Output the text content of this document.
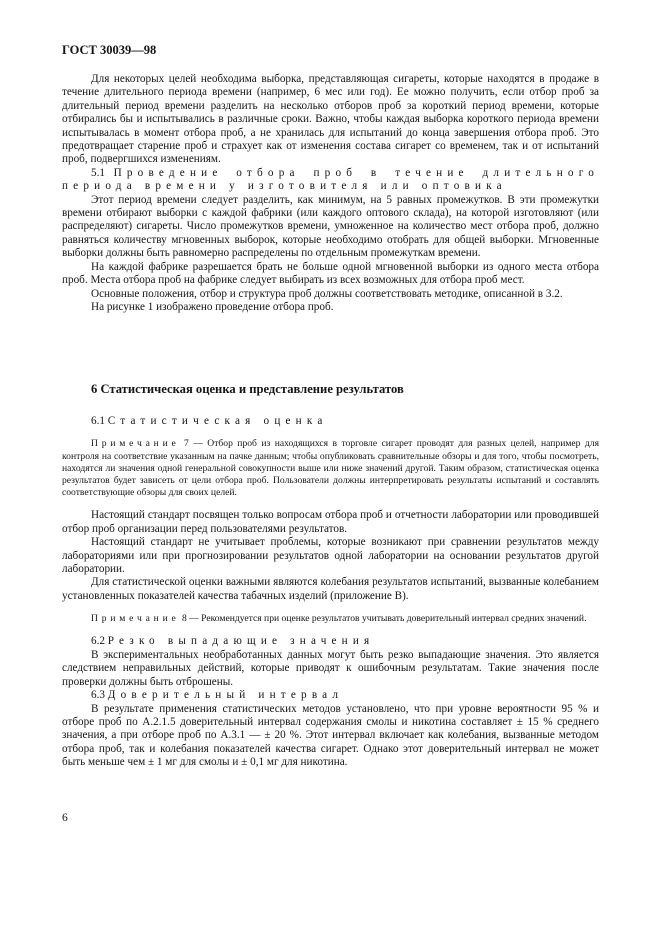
ГОСТ 30039—98

Для некоторых целей необходима выборка, представляющая сигареты, которые находятся в продаже в течение длительного периода времени (например, 6 мес или год). Ее можно получить, если отбор проб за длительный период времени разделить на несколько отборов проб за короткий период времени, которые отбирались бы и испытывались в различные сроки. Важно, чтобы каждая выборка короткого периода времени испытывалась в момент отбора проб, а не хранилась для испытаний до конца завершения отбора проб. Это предотвращает старение проб и страхует как от изменения состава сигарет со временем, так и от испытаний проб, подвергшихся изменениям.

5.1 Проведение отбора проб в течение длительного периода времени у изготовителя или оптовика

Этот период времени следует разделить, как минимум, на 5 равных промежутков. В эти промежутки времени отбирают выборки с каждой фабрики (или каждого оптового склада), на которой изготовляют (или распределяют) сигареты. Число промежутков времени, умноженное на количество мест отбора проб, должно равняться количеству мгновенных выборок, которые необходимо отобрать для общей выборки. Мгновенные выборки должны быть равномерно распределены по отдельным промежуткам времени.

На каждой фабрике разрешается брать не больше одной мгновенной выборки из одного места отбора проб. Места отбора проб на фабрике следует выбирать из всех возможных для отбора проб мест.

Основные положения, отбор и структура проб должны соответствовать методике, описанной в 3.2.

На рисунке 1 изображено проведение отбора проб.

6 Статистическая оценка и представление результатов

6.1 Статистическая оценка

Примечание 7 — Отбор проб из находящихся в торговле сигарет проводят для разных целей, например для контроля на соответствие указанным на пачке данным; чтобы опубликовать сравнительные обзоры и для того, чтобы посмотреть, находятся ли значения одной генеральной совокупности выше или ниже значений другой. Таким образом, статистическая оценка результатов будет зависеть от цели отбора проб. Пользователи должны интерпретировать результаты испытаний и составлять соответствующие обзоры для своих целей.

Настоящий стандарт посвящен только вопросам отбора проб и отчетности лаборатории или проводившей отбор проб организации перед пользователями результатов.

Настоящий стандарт не учитывает проблемы, которые возникают при сравнении результатов между лабораториями или при прогнозировании результатов одной лаборатории на основании результатов другой лаборатории.

Для статистической оценки важными являются колебания результатов испытаний, вызванные колебанием установленных показателей качества табачных изделий (приложение В).

Примечание 8 — Рекомендуется при оценке результатов учитывать доверительный интервал средних значений.

6.2 Резко выпадающие значения

В экспериментальных необработанных данных могут быть резко выпадающие значения. Это является следствием неправильных действий, которые приводят к ошибочным результатам. Такие значения после проверки должны быть отброшены.

6.3 Доверительный интервал

В результате применения статистических методов установлено, что при уровне вероятности 95 % и отборе проб по А.2.1.5 доверительный интервал содержания смолы и никотина составляет ± 15 % среднего значения, а при отборе проб по А.3.1 — ± 20 %. Этот интервал включает как колебания, вызванные методом отбора проб, так и колебания показателей качества сигарет. Однако этот доверительный интервал не может быть меньше чем ± 1 мг для смолы и ± 0,1 мг для никотина.

6
